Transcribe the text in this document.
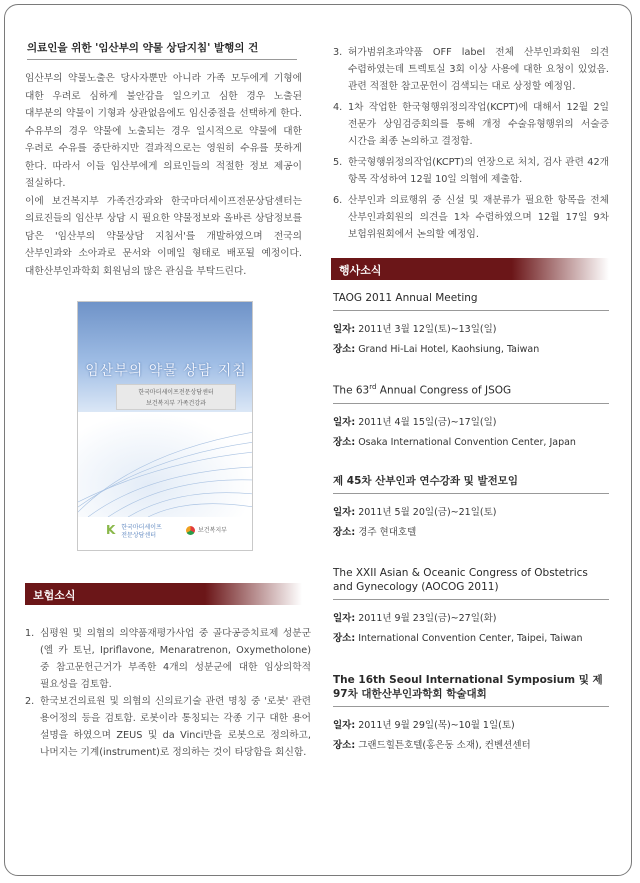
의료인을 위한 '임산부의 약물 상담지침' 발행의 건

임산부의 약물노출은 당사자뿐만 아니라 가족 모두에게 기형에 대한 우려로 심하게 불안감을 일으키고 심한 경우 노출된 대부분의 약물이 기형과 상관없음에도 임신중절을 선택하게 한다. 수유부의 경우 약물에 노출되는 경우 일시적으로 약물에 대한 우려로 수유를 중단하지만 결과적으로는 영원히 수유를 못하게 한다. 따라서 이들 임산부에게 의료인들의 적절한 정보 제공이 절실하다.

이에 보건복지부 가족건강과와 한국마더세이프전문상담센터는 의료진들의 임산부 상담 시 필요한 약물정보와 올바른 상담정보를 담은 '임산부의 약물상담 지침서'를 개발하였으며 전국의 산부인과와 소아과로 문서와 이메일 형태로 배포될 예정이다. 대한산부인과학회 회원님의 많은 관심을 부탁드린다.

임산부의 약물 상담 지침
한국마더세이프전문상담센터
보건복지부 가족건강과
K 한국마더세이프
전문상담센터
보건복지부
보험소식
1. 심평원 및 의협의 의약품재평가사업 중 골다공증치료제 성분군(엘 카 토닌, Ipriflavone, Menaratrenon, Oxymetholone) 중 참고문헌근거가 부족한 4개의 성분군에 대한 임상의학적 필요성을 검토함.
2. 한국보건의료원 및 의협의 신의료기술 관련 명칭 중 '로봇' 관련 용어정의 등을 검토함. 로봇이라 통칭되는 각종 기구 대한 용어 설명을 하였으며 ZEUS 및 da Vinci만을 로봇으로 정의하고, 나머지는 기계(instrument)로 정의하는 것이 타당함을 회신함.
3. 허가범위초과약품 OFF label 전체 산부인과회원 의견 수렴하였는데 트렉토실 3회 이상 사용에 대한 요청이 있었음. 관련 적절한 참고문헌이 검색되는 대로 상정할 예정임.
4. 1차 작업한 한국형행위정의작업(KCPT)에 대해서 12월 2일 전문가 상임검증회의를 통해 개정 수술유형행위의 서술증 시간을 최종 논의하고 결정함.
5. 한국형행위정의작업(KCPT)의 연장으로 처치, 검사 관련 42개 항목 작성하여 12월 10일 의협에 제출함.
6. 산부인과 의료행위 중 신설 및 재분류가 필요한 항목을 전체 산부인과회원의 의견을 1차 수렴하였으며 12월 17일 9차 보험위원회에서 논의할 예정임.
행사소식
TAOG 2011 Annual Meeting
일자: 2011년 3월 12일(토)~13일(일)
장소: Grand Hi-Lai Hotel, Kaohsiung, Taiwan
The 63rd Annual Congress of JSOG
일자: 2011년 4월 15일(금)~17일(일)
장소: Osaka International Convention Center, Japan
제 45차 산부인과 연수강좌 및 발전모임
일자: 2011년 5월 20일(금)~21일(토)
장소: 경주 현대호텔
The XXII Asian & Oceanic Congress of Obstetrics and Gynecology (AOCOG 2011)
일자: 2011년 9월 23일(금)~27일(화)
장소: International Convention Center, Taipei, Taiwan
The 16th Seoul International Symposium 및 제 97차 대한산부인과학회 학술대회
일자: 2011년 9월 29일(목)~10월 1일(토)
장소: 그랜드힐튼호텔(홍은동 소재), 컨벤션센터
